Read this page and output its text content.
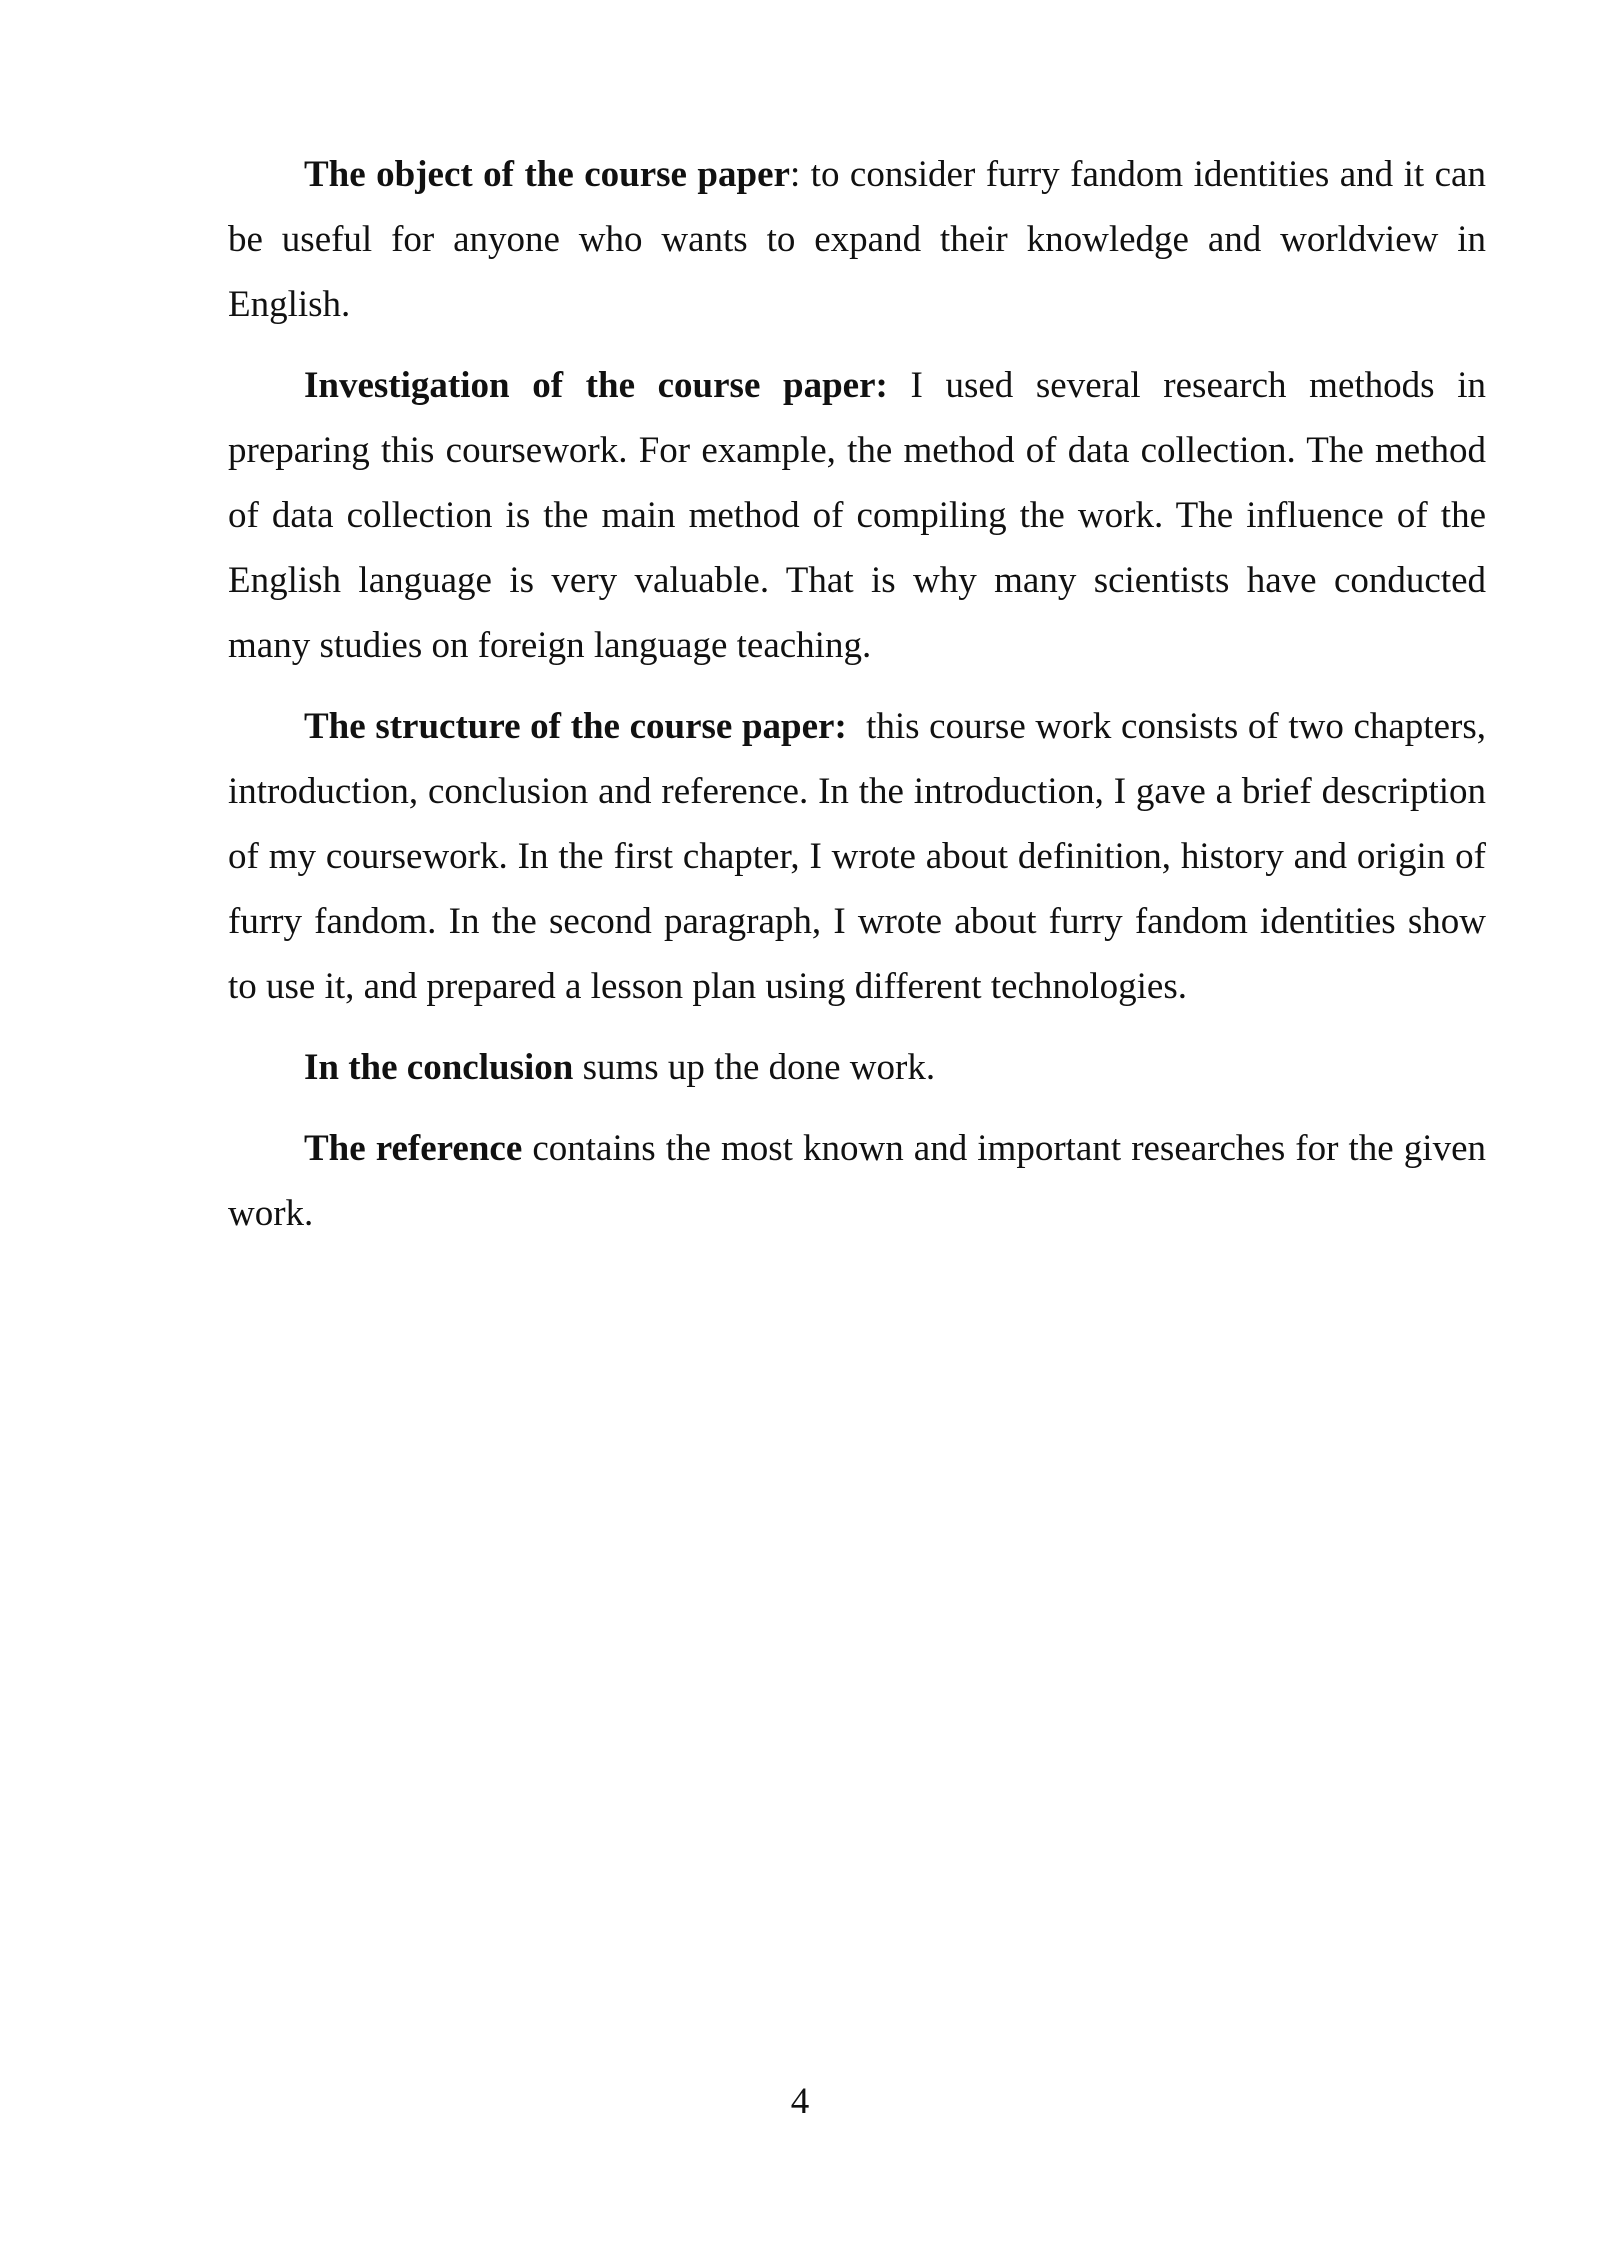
The object of the course paper: to consider furry fandom identities and it can be useful for anyone who wants to expand their knowledge and worldview in English.

Investigation of the course paper: I used several research methods in preparing this coursework. For example, the method of data collection. The method of data collection is the main method of compiling the work. The influence of the English language is very valuable. That is why many scientists have conducted many studies on foreign language teaching.

The structure of the course paper:  this course work consists of two chapters, introduction, conclusion and reference. In the introduction, I gave a brief description of my coursework. In the first chapter, I wrote about definition, history and origin of furry fandom. In the second paragraph, I wrote about furry fandom identities show to use it, and prepared a lesson plan using different technologies.

In the conclusion sums up the done work.

The reference contains the most known and important researches for the given work.

4
